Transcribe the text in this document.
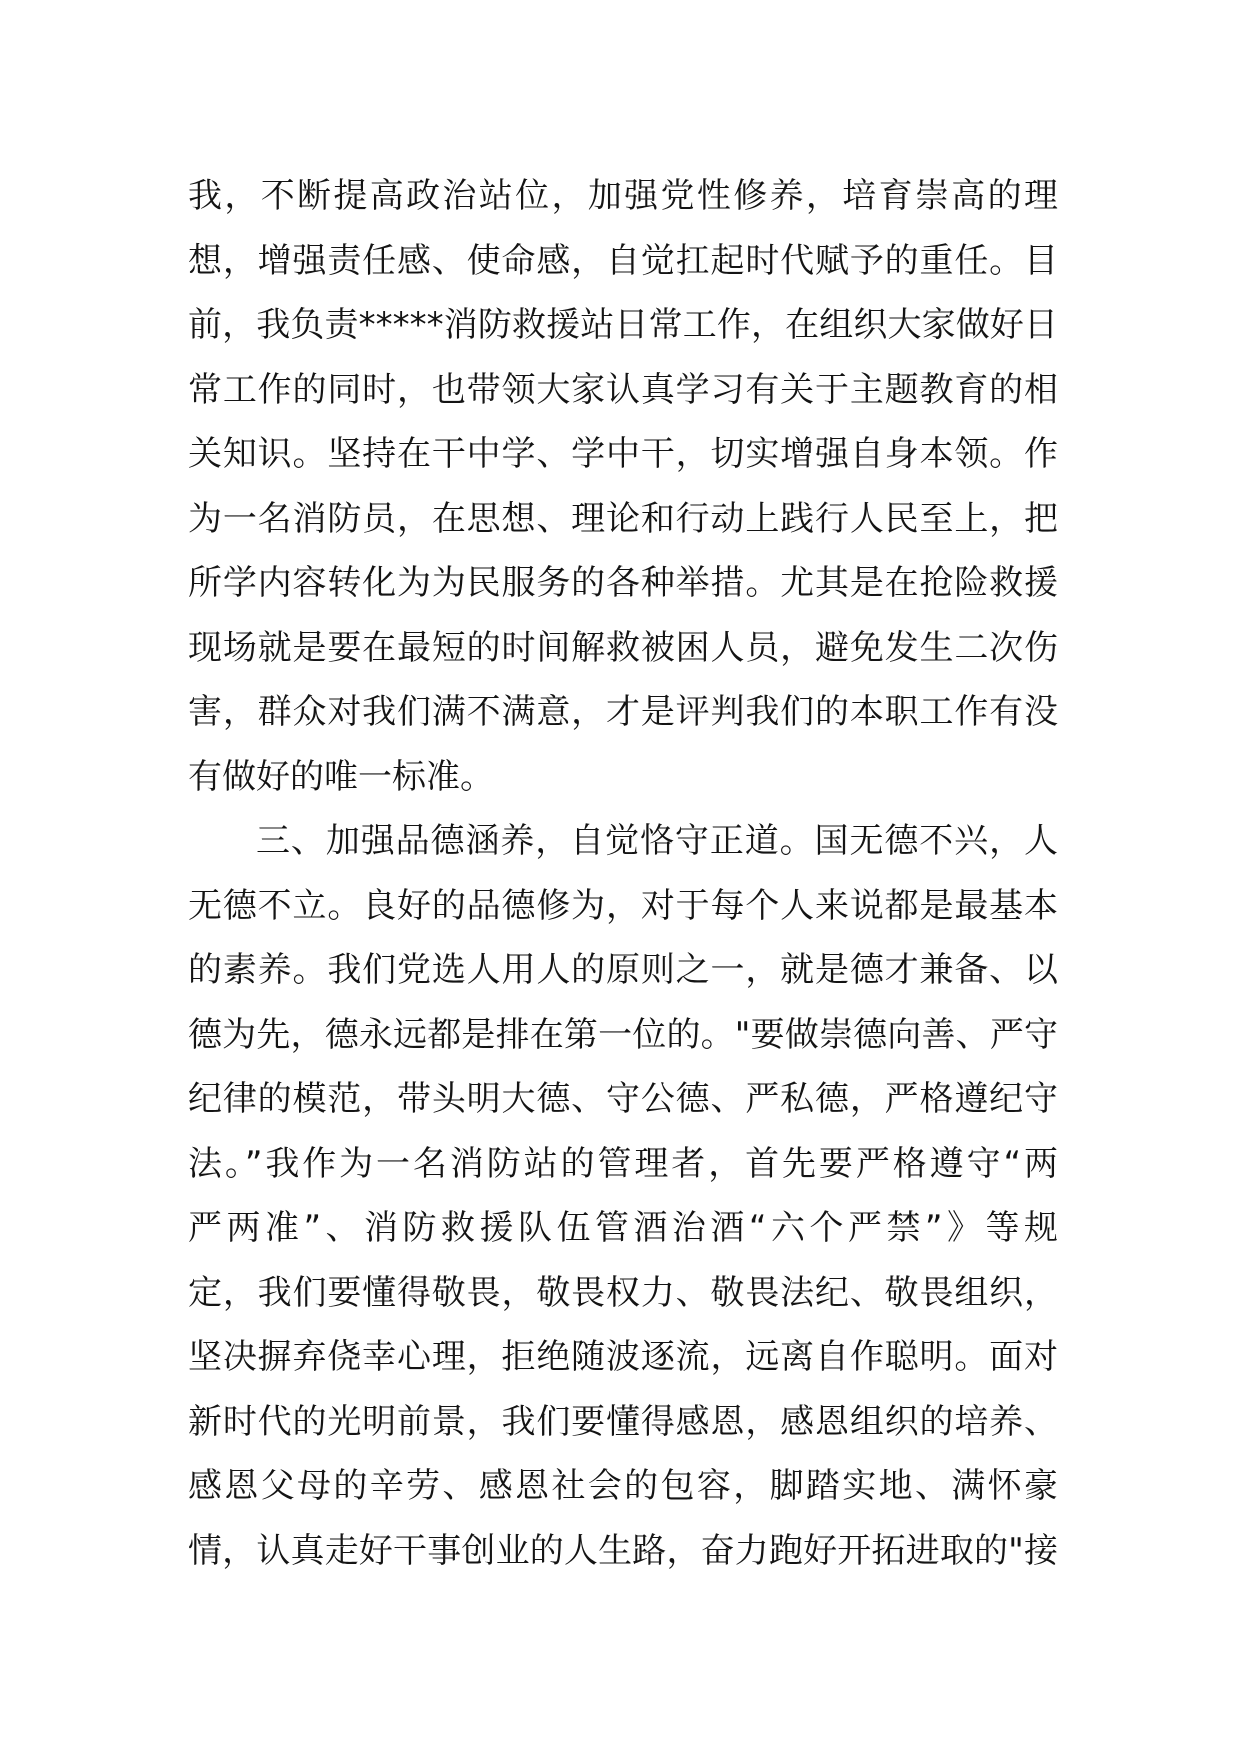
我，不断提高政治站位，加强党性修养，培育崇高的理
想，增强责任感、使命感，自觉扛起时代赋予的重任。目
前，我负责*****消防救援站日常工作，在组织大家做好日
常工作的同时，也带领大家认真学习有关于主题教育的相
关知识。坚持在干中学、学中干，切实增强自身本领。作
为一名消防员，在思想、理论和行动上践行人民至上，把
所学内容转化为为民服务的各种举措。尤其是在抢险救援
现场就是要在最短的时间解救被困人员，避免发生二次伤
害，群众对我们满不满意，才是评判我们的本职工作有没
有做好的唯一标准。
三、加强品德涵养，自觉恪守正道。国无德不兴，人
无德不立。良好的品德修为，对于每个人来说都是最基本
的素养。我们党选人用人的原则之一，就是德才兼备、以
德为先，德永远都是排在第一位的。"要做崇德向善、严守
纪律的模范，带头明大德、守公德、严私德，严格遵纪守
法。”我作为一名消防站的管理者，首先要严格遵守“两
严两准”、消防救援队伍管酒治酒“六个严禁”》等规
定，我们要懂得敬畏，敬畏权力、敬畏法纪、敬畏组织，
坚决摒弃侥幸心理，拒绝随波逐流，远离自作聪明。面对
新时代的光明前景，我们要懂得感恩，感恩组织的培养、
感恩父母的辛劳、感恩社会的包容，脚踏实地、满怀豪
情，认真走好干事创业的人生路，奋力跑好开拓进取的"接
